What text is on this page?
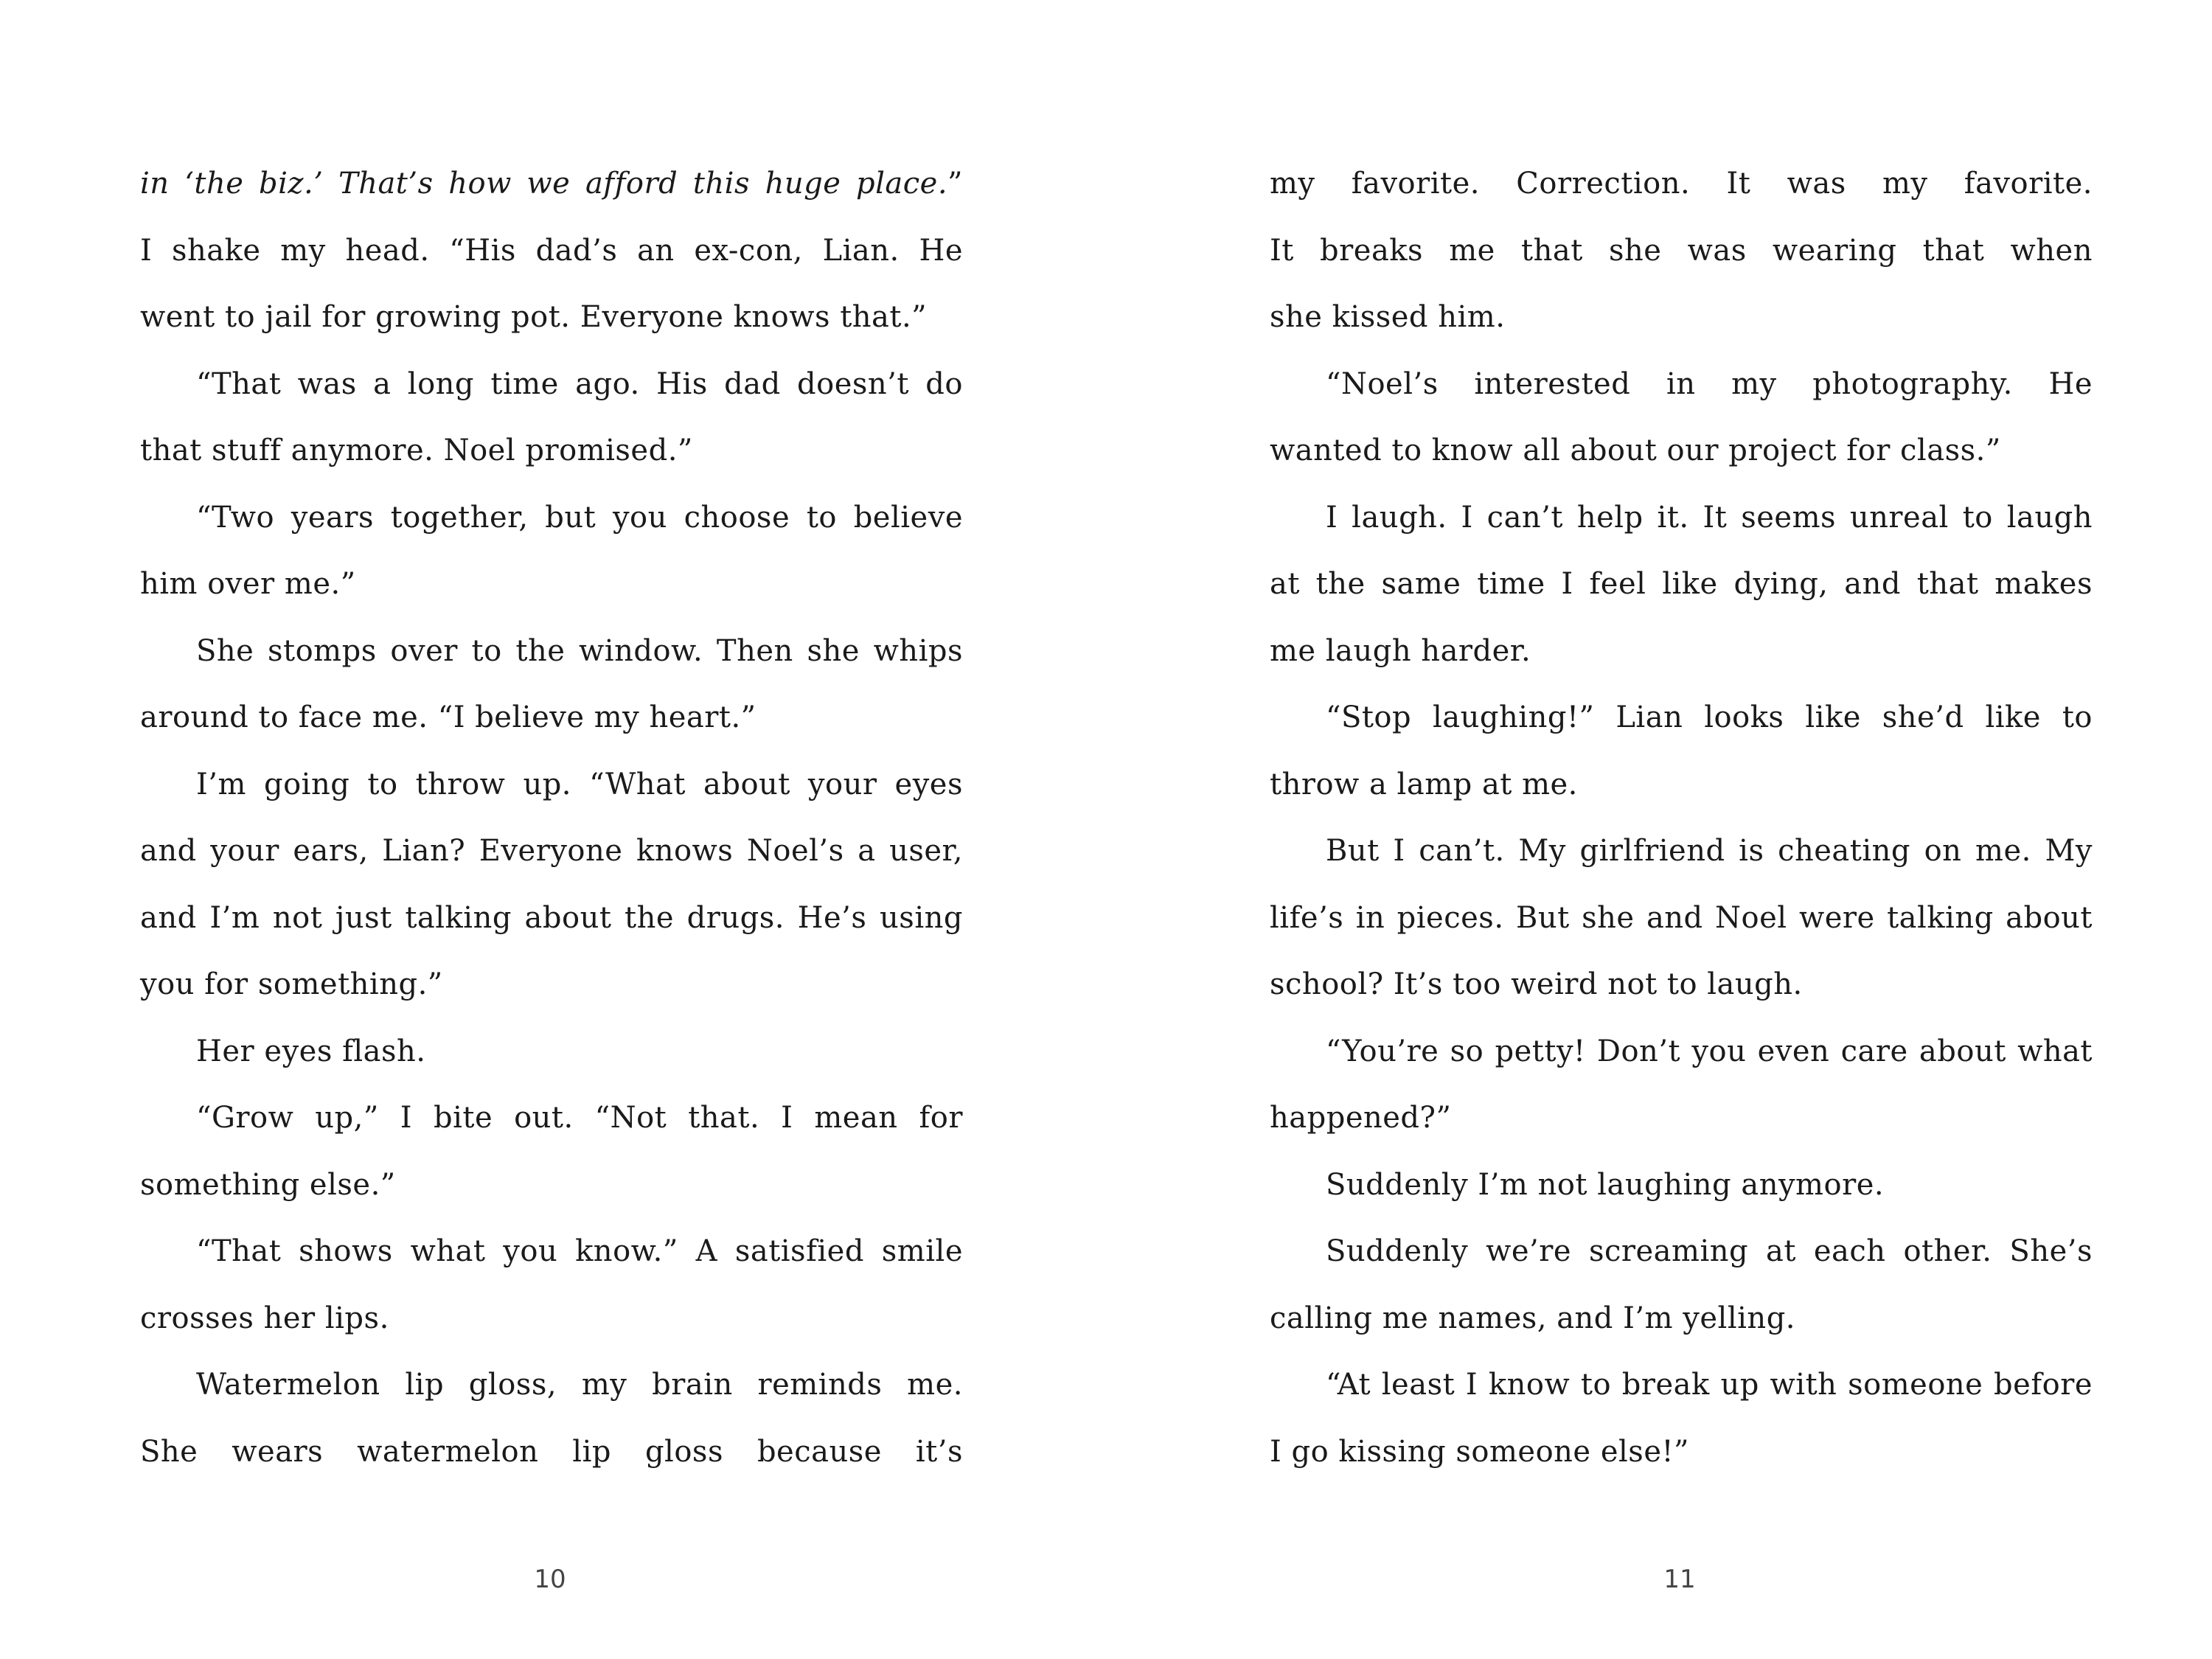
in ‘the biz.’ That’s how we afford this huge place.”
I shake my head. “His dad’s an ex-con, Lian. He
went to jail for growing pot. Everyone knows that.”
“That was a long time ago. His dad doesn’t do
that stuff anymore. Noel promised.”
“Two years together, but you choose to believe
him over me.”
She stomps over to the window. Then she whips
around to face me. “I believe my heart.”
I’m going to throw up. “What about your eyes
and your ears, Lian? Everyone knows Noel’s a user,
and I’m not just talking about the drugs. He’s using
you for something.”
Her eyes flash.
“Grow up,” I bite out. “Not that. I mean for
something else.”
“That shows what you know.” A satisfied smile
crosses her lips.
Watermelon lip gloss, my brain reminds me.
She wears watermelon lip gloss because it’s
my favorite. Correction. It was my favorite.
It breaks me that she was wearing that when
she kissed him.
“Noel’s interested in my photography. He
wanted to know all about our project for class.”
I laugh. I can’t help it. It seems unreal to laugh
at the same time I feel like dying, and that makes
me laugh harder.
“Stop laughing!” Lian looks like she’d like to
throw a lamp at me.
But I can’t. My girlfriend is cheating on me. My
life’s in pieces. But she and Noel were talking about
school? It’s too weird not to laugh.
“You’re so petty! Don’t you even care about what
happened?”
Suddenly I’m not laughing anymore.
Suddenly we’re screaming at each other. She’s
calling me names, and I’m yelling.
“At least I know to break up with someone before
I go kissing someone else!”
10	11
